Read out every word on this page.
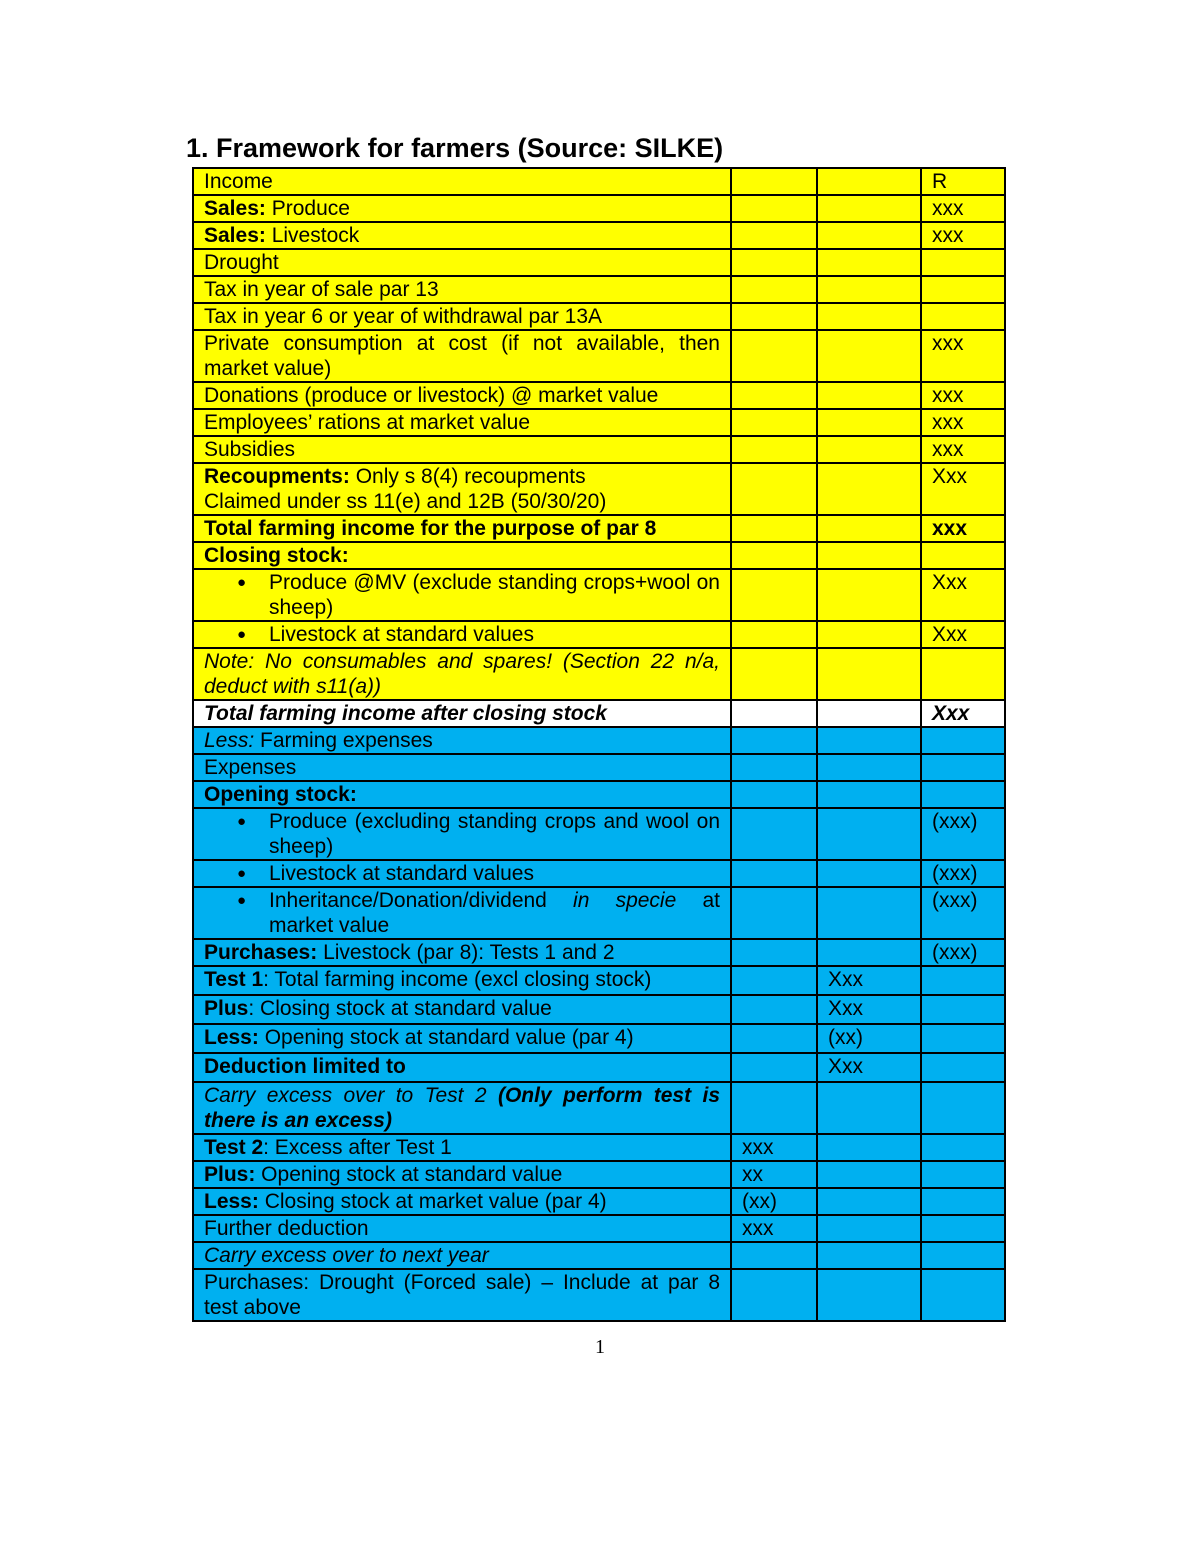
1. Framework for farmers (Source: SILKE)
Income			R
Sales: Produce			xxx
Sales: Livestock			xxx
Drought			
Tax in year of sale par 13			
Tax in year 6 or year of withdrawal par 13A			
Private consumption at cost (if not available, then market value)			xxx
Donations (produce or livestock) @ market value			xxx
Employees’ rations at market value			xxx
Subsidies			xxx
Recoupments: Only s 8(4) recoupments
Claimed under ss 11(e) and 12B (50/30/20)			Xxx
Total farming income for the purpose of par 8			xxx
Closing stock:			

● Produce @MV (exclude standing crops+wool on sheep)			Xxx

● Livestock at standard values			Xxx
Note: No consumables and spares! (Section 22 n/a, deduct with s11(a))			
Total farming income after closing stock			Xxx
Less: Farming expenses			
Expenses			
Opening stock:			

● Produce (excluding standing crops and wool on sheep)			(xxx)

● Livestock at standard values			(xxx)

● Inheritance/Donation/dividend in specie at market value			(xxx)
Purchases: Livestock (par 8): Tests 1 and 2			(xxx)
Test 1: Total farming income (excl closing stock)		Xxx	
Plus: Closing stock at standard value		Xxx	
Less: Opening stock at standard value (par 4)		(xx)	
Deduction limited to		Xxx	
Carry excess over to Test 2 (Only perform test is there is an excess)			
Test 2: Excess after Test 1	xxx		
Plus: Opening stock at standard value	xx		
Less: Closing stock at market value (par 4)	(xx)		
Further deduction	xxx		
Carry excess over to next year			
Purchases: Drought (Forced sale) – Include at par 8 test above			
1
